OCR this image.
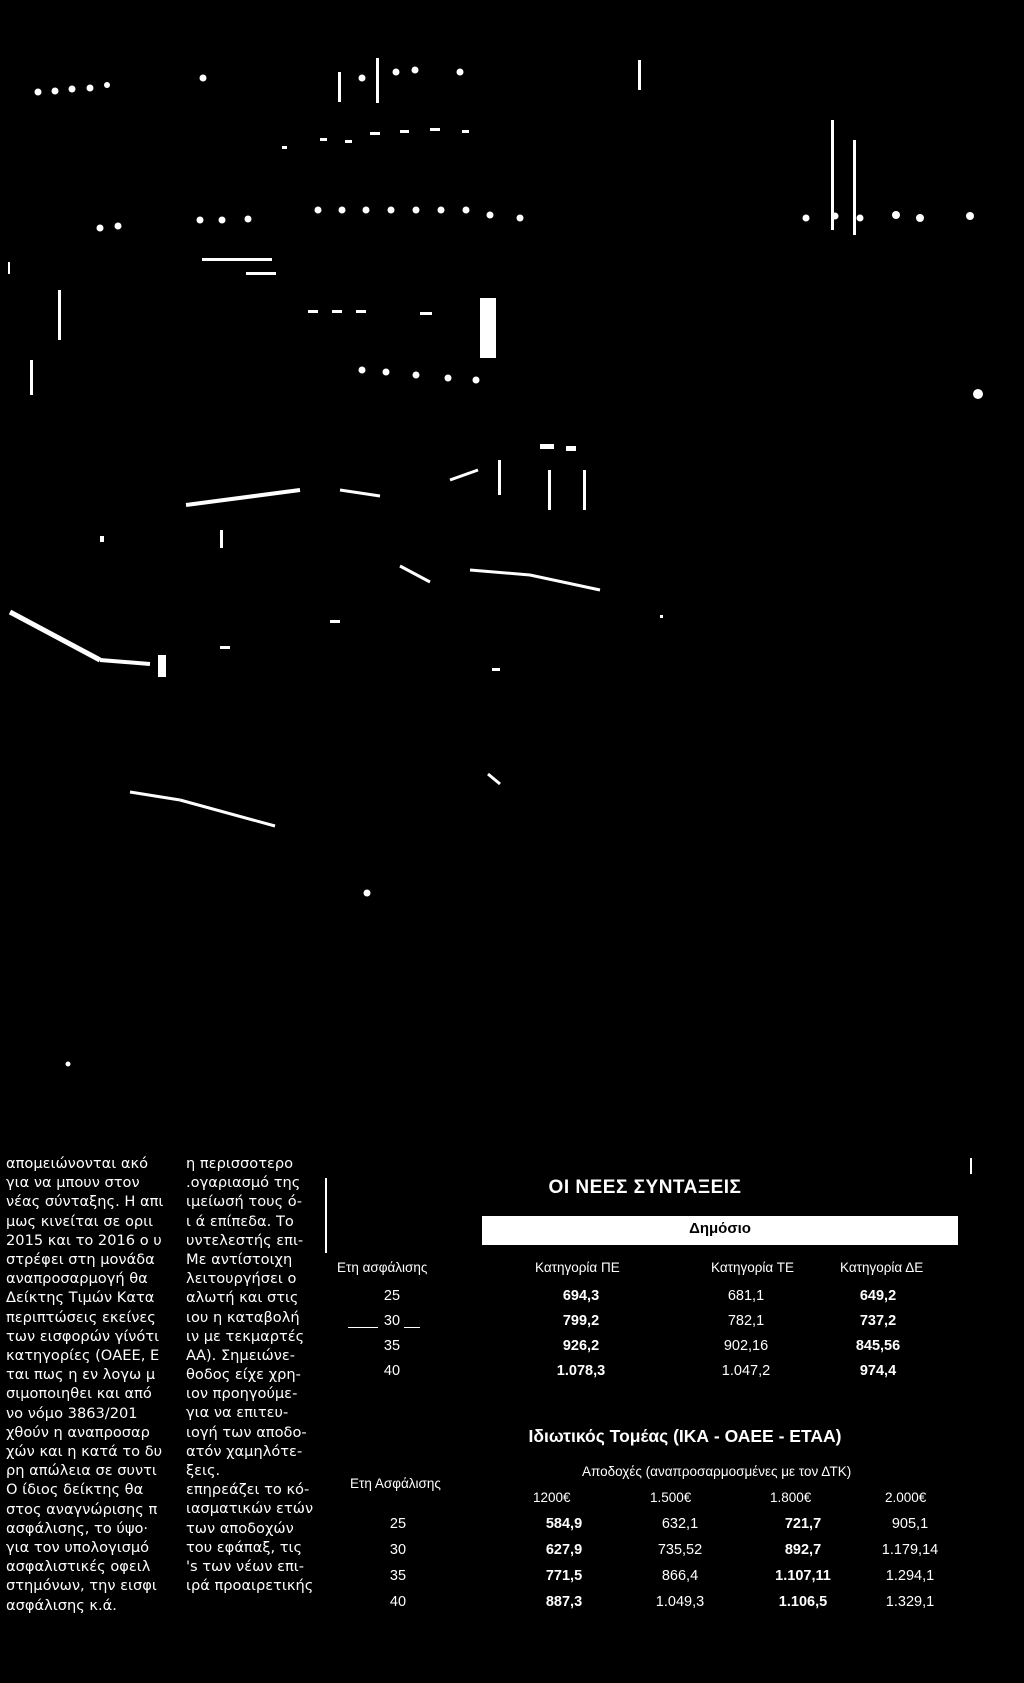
απομειώνονται ακό
για να μπουν στον
νέας σύνταξης. Η απι
μως κινείται σε οριι
2015 και το 2016 ο υ
στρέφει στη μονάδα
αναπροσαρμογή θα
Δείκτης Τιμών Κατα
περιπτώσεις εκείνες
των εισφορών γίνότι
κατηγορίες (ΟΑΕΕ, Ε
ται πως η εν λογω μ
σιμοποιηθει και από
νο νόμο 3863/201
χθούν η αναπροσαρ
χών και η κατά το δυ
ρη απώλεια σε συντι
Ο ίδιος δείκτης θα
στος αναγνώρισης π
ασφάλισης, το ύψο·
για τον υπολογισμό
ασφαλιστικές οφειλ
στημόνων, την εισφι
ασφάλισης κ.ά.
η περισσοτερο
.ογαριασμό της
ιμείωσή τους ό-
ι ά επίπεδα. Το
υντελεστής επι-
Με αντίστοιχη
λειτουργήσει ο
αλωτή και στις
ιου η καταβολή
ιν με τεκμαρτές
ΑΑ). Σημειώνε-
θοδος είχε χρη-
ιον προηγούμε-
για να επιτευ-
ιογή των αποδο-
ατόν χαμηλότε-
ξεις.
επηρεάζει το κό-
ιασματικών ετών
των αποδοχών
του εφάπαξ, τις
's των νέων επι-
ιρά προαιρετικής
ΟΙ ΝΕΕΣ ΣΥΝΤΑΞΕΙΣ
Δημόσιο
Ετη ασφάλισης	Κατηγορία ΠΕ	Κατηγορία ΤΕ	Κατηγορία ΔΕ
25	694,3	681,1	649,2
30	799,2	782,1	737,2
35	926,2	902,16	845,56
40	1.078,3	1.047,2	974,4
Ιδιωτικός Τομέας (ΙΚΑ - ΟΑΕΕ - ΕΤΑΑ)
Ετη Ασφάλισης
Αποδοχές (αναπροσαρμοσμένες με τον ΔΤΚ)
1200€	1.500€	1.800€	2.000€
25	584,9	632,1	721,7	905,1
30	627,9	735,52	892,7	1.179,14
35	771,5	866,4	1.107,11	1.294,1
40	887,3	1.049,3	1.106,5	1.329,1
